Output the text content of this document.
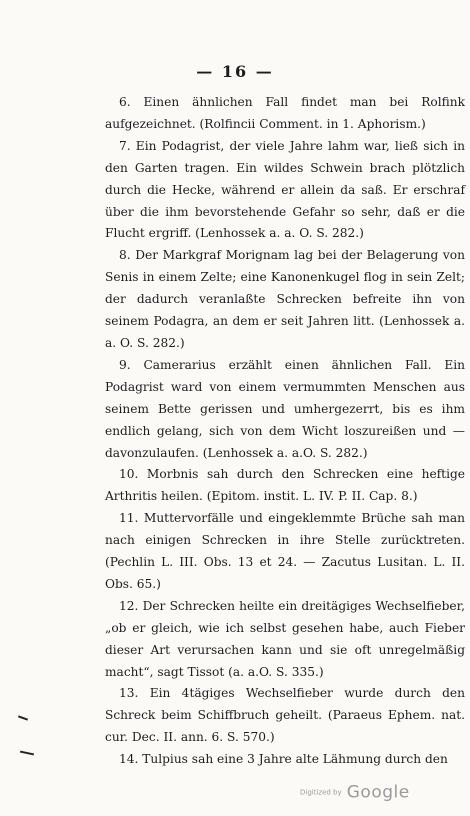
— 16 —

6. Einen ähnlichen Fall findet man bei Rolfink aufgezeichnet. (Rolfincii Comment. in 1. Aphorism.)

7. Ein Podagrist, der viele Jahre lahm war, ließ sich in den Garten tragen. Ein wildes Schwein brach plötzlich durch die Hecke, während er allein da saß. Er erschraf über die ihm bevorstehende Gefahr so sehr, daß er die Flucht ergriff. (Lenhossek a. a. O. S. 282.)

8. Der Markgraf Morignam lag bei der Belagerung von Senis in einem Zelte; eine Kanonenkugel flog in sein Zelt; der dadurch veranlaßte Schrecken befreite ihn von seinem Podagra, an dem er seit Jahren litt. (Lenhossek a. a. O. S. 282.)

9. Camerarius erzählt einen ähnlichen Fall. Ein Podagrist ward von einem vermummten Menschen aus seinem Bette gerissen und umhergezerrt, bis es ihm endlich gelang, sich von dem Wicht loszureißen und — davonzulaufen. (Lenhossek a. a.O. S. 282.)

10. Morbnis sah durch den Schrecken eine heftige Arthritis heilen. (Epitom. instit. L. IV. P. II. Cap. 8.)

11. Muttervorfälle und eingeklemmte Brüche sah man nach einigen Schrecken in ihre Stelle zurücktreten. (Pechlin L. III. Obs. 13 et 24. — Zacutus Lusitan. L. II. Obs. 65.)

12. Der Schrecken heilte ein dreitägiges Wechselfieber, „ob er gleich, wie ich selbst gesehen habe, auch Fieber dieser Art verursachen kann und sie oft unregelmäßig macht“, sagt Tissot (a. a.O. S. 335.)

13. Ein 4tägiges Wechselfieber wurde durch den Schreck beim Schiffbruch geheilt. (Paraeus Ephem. nat. cur. Dec. II. ann. 6. S. 570.)

14. Tulpius sah eine 3 Jahre alte Lähmung durch den

Digitized by Google
